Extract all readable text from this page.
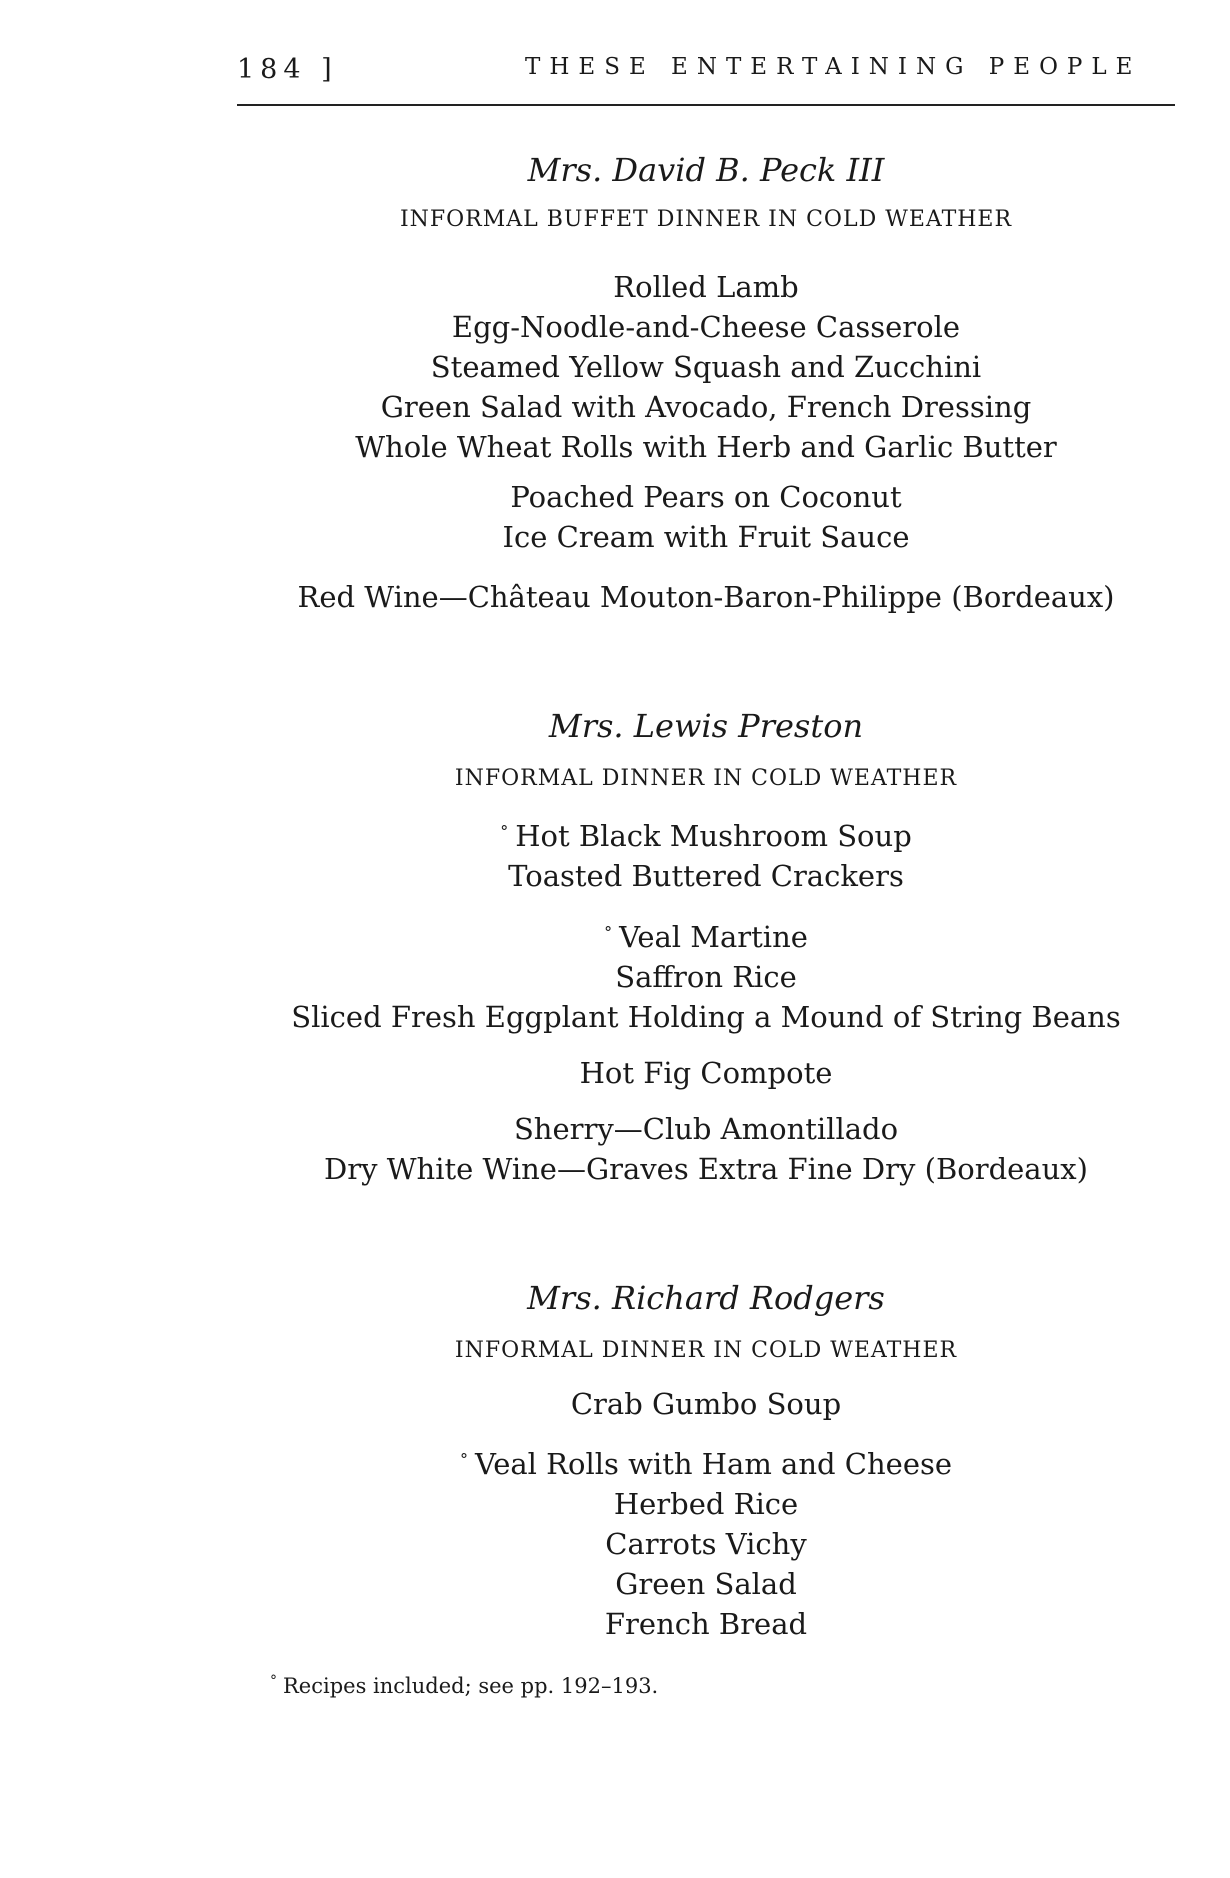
184 ]	THESE ENTERTAINING PEOPLE

Mrs. David B. Peck III

INFORMAL BUFFET DINNER IN COLD WEATHER

Rolled Lamb
Egg-Noodle-and-Cheese Casserole
Steamed Yellow Squash and Zucchini
Green Salad with Avocado, French Dressing
Whole Wheat Rolls with Herb and Garlic Butter
Poached Pears on Coconut
Ice Cream with Fruit Sauce
Red Wine—Château Mouton-Baron-Philippe (Bordeaux)

Mrs. Lewis Preston

INFORMAL DINNER IN COLD WEATHER

° Hot Black Mushroom Soup
Toasted Buttered Crackers
° Veal Martine
Saffron Rice
Sliced Fresh Eggplant Holding a Mound of String Beans
Hot Fig Compote
Sherry—Club Amontillado
Dry White Wine—Graves Extra Fine Dry (Bordeaux)

Mrs. Richard Rodgers

INFORMAL DINNER IN COLD WEATHER

Crab Gumbo Soup
° Veal Rolls with Ham and Cheese
Herbed Rice
Carrots Vichy
Green Salad
French Bread
° Recipes included; see pp. 192–193.
